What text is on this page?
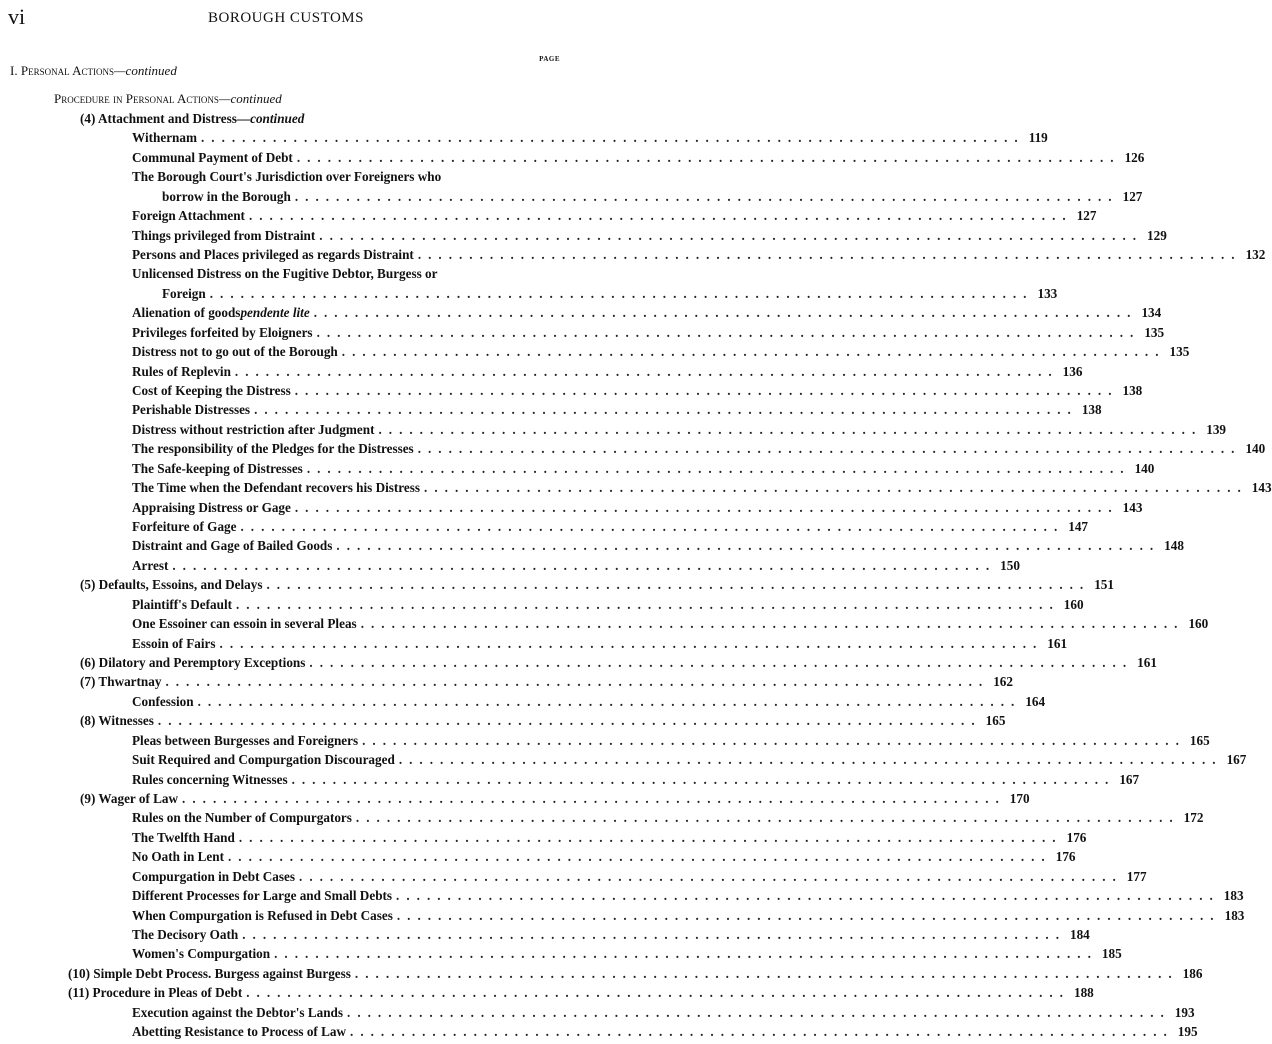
vi	BOROUGH CUSTOMS
PAGE
I. Personal Actions—continued
Procedure in Personal Actions—continued
(4) Attachment and Distress —continued
Withernam ................................................................................ 119
Communal Payment of Debt ................................................................................ 126
The Borough Court's Jurisdiction over Foreigners who
borrow in the Borough ................................................................................ 127
Foreign Attachment ................................................................................ 127
Things privileged from Distraint ................................................................................ 129
Persons and Places privileged as regards Distraint ................................................................................ 132
Unlicensed Distress on the Fugitive Debtor, Burgess or
Foreign ................................................................................ 133
Alienation of goods pendente lite ................................................................................ 134
Privileges forfeited by Eloigners ................................................................................ 135
Distress not to go out of the Borough ................................................................................ 135
Rules of Replevin ................................................................................ 136
Cost of Keeping the Distress ................................................................................ 138
Perishable Distresses ................................................................................ 138
Distress without restriction after Judgment ................................................................................ 139
The responsibility of the Pledges for the Distresses ................................................................................ 140
The Safe-keeping of Distresses ................................................................................ 140
The Time when the Defendant recovers his Distress ................................................................................ 143
Appraising Distress or Gage ................................................................................ 143
Forfeiture of Gage ................................................................................ 147
Distraint and Gage of Bailed Goods ................................................................................ 148
Arrest ................................................................................ 150
(5) Defaults, Essoins, and Delays ................................................................................ 151
Plaintiff's Default ................................................................................ 160
One Essoiner can essoin in several Pleas ................................................................................ 160
Essoin of Fairs ................................................................................ 161
(6) Dilatory and Peremptory Exceptions ................................................................................ 161
(7) Thwartnay ................................................................................ 162
Confession ................................................................................ 164
(8) Witnesses ................................................................................ 165
Pleas between Burgesses and Foreigners ................................................................................ 165
Suit Required and Compurgation Discouraged ................................................................................ 167
Rules concerning Witnesses ................................................................................ 167
(9) Wager of Law ................................................................................ 170
Rules on the Number of Compurgators ................................................................................ 172
The Twelfth Hand ................................................................................ 176
No Oath in Lent ................................................................................ 176
Compurgation in Debt Cases ................................................................................ 177
Different Processes for Large and Small Debts ................................................................................ 183
When Compurgation is Refused in Debt Cases ................................................................................ 183
The Decisory Oath ................................................................................ 184
Women's Compurgation ................................................................................ 185
(10) Simple Debt Process. Burgess against Burgess ................................................................................ 186
(11) Procedure in Pleas of Debt ................................................................................ 188
Execution against the Debtor's Lands ................................................................................ 193
Abetting Resistance to Process of Law ................................................................................ 195
